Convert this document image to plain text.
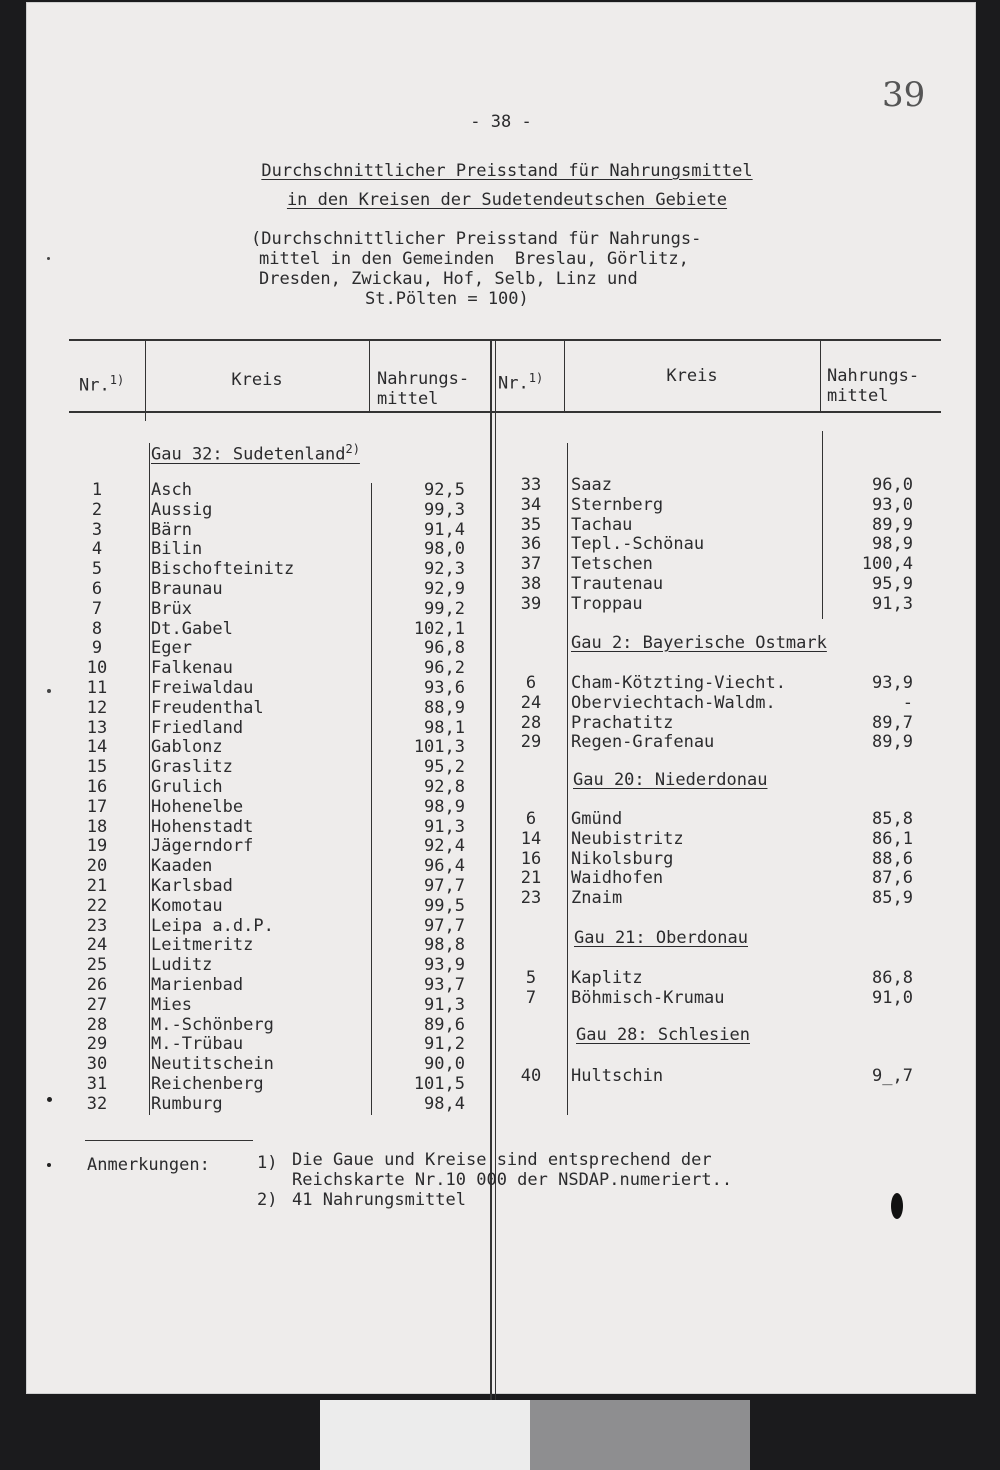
39
- 38 -
Durchschnittlicher Preisstand für Nahrungsmittel
in den Kreisen der Sudetendeutschen Gebiete
(Durchschnittlicher Preisstand für Nahrungs-
mittel in den Gemeinden  Breslau, Görlitz,
Dresden, Zwickau, Hof, Selb, Linz und
St.Pölten = 100)
Nr.$^{1)}$	Kreis	Nahrungs-
mittel
Nr.$^{1)}$	Kreis	Nahrungs-
mittel
Gau 32: Sudetenland$^{2)}$
1	Asch	92,5
2	Aussig	99,3
3	Bärn	91,4
4	Bilin	98,0
5	Bischofteinitz	92,3
6	Braunau	92,9
7	Brüx	99,2
8	Dt.Gabel	102,1
9	Eger	96,8
10	Falkenau	96,2
11	Freiwaldau	93,6
12	Freudenthal	88,9
13	Friedland	98,1
14	Gablonz	101,3
15	Graslitz	95,2
16	Grulich	92,8
17	Hohenelbe	98,9
18	Hohenstadt	91,3
19	Jägerndorf	92,4
20	Kaaden	96,4
21	Karlsbad	97,7
22	Komotau	99,5
23	Leipa a.d.P.	97,7
24	Leitmeritz	98,8
25	Luditz	93,9
26	Marienbad	93,7
27	Mies	91,3
28	M.-Schönberg	89,6
29	M.-Trübau	91,2
30	Neutitschein	90,0
31	Reichenberg	101,5
32	Rumburg	98,4
33	Saaz	96,0
34	Sternberg	93,0
35	Tachau	89,9
36	Tepl.-Schönau	98,9
37	Tetschen	100,4
38	Trautenau	95,9
39	Troppau	91,3
6	Cham-Kötzting-Viecht.	93,9
24	Oberviechtach-Waldm.	-
28	Prachatitz	89,7
29	Regen-Grafenau	89,9
6	Gmünd	85,8
14	Neubistritz	86,1
16	Nikolsburg	88,6
21	Waidhofen	87,6
23	Znaim	85,9
5	Kaplitz	86,8
7	Böhmisch-Krumau	91,0
40	Hultschin	9_,7
Gau 2: Bayerische Ostmark
Gau 20: Niederdonau
Gau 21: Oberdonau
Gau 28: Schlesien
Anmerkungen:	1) Die Gaue und Kreise sind entsprechend der
Reichskarte Nr.10 000 der NSDAP.numeriert..
2) 41 Nahrungsmittel
